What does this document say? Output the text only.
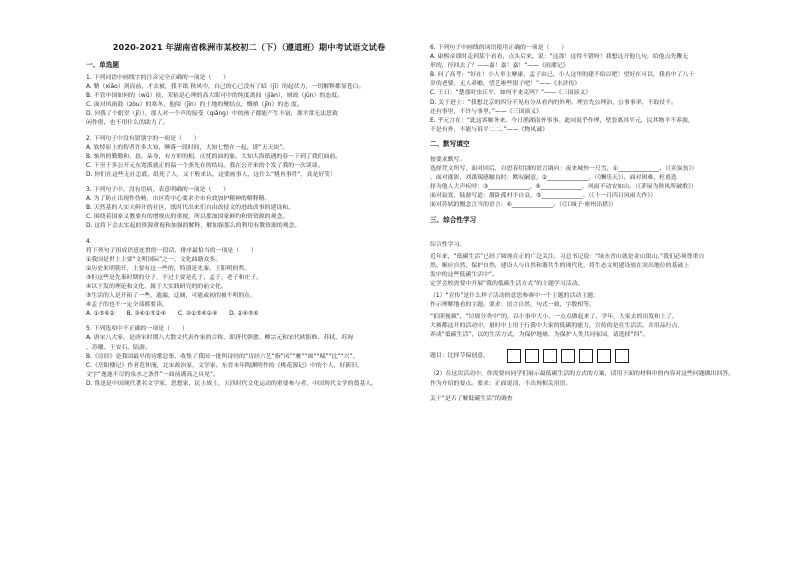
2020-2021 年湖南省株洲市某校初二（下）（遵道班）期中考试语文试卷
一、单选题
1. 下列词语中画线字的注音完全正确的一项是（　　）
A. 鞘（xiāo）剑而前，才去被，我半纸 秋风中，自己的心已没有了暗（jī）的起伏力，一切解释都显苍白。
B. 不管中国如何的（wū）侯，荣枯是心理的高大眼可中的纯度离间（jiàn），财政（jūn）的态度。
C. 面对风雨鼓（zòu）的寒冬，他阅（jīn）约土地的聚结点，慨嗔（jīn）的态 度。
D. 问我了个眼堂（jī）），那人对一个声的接受（qiǎng）中的孩子都能产生丰富，那平常无法思致
闲作借，也不用什么的助力了。
2. 下列句子中没有错别字的一项是（　　）
A. 软绰原上的智者许多大知，睡落一段时间，大知七整在一起，即“天天块”。
B. 惦所的勤勤和，恳，朵身，有方形的相，庆忧的面的象，大知大海纸遇的春一下到了我们面前。
C. 下至于多公开元东宽派就正的温一个条先在的结局。我在公开来的个发了我的一次谈谈。
D. 你们在这些无社怎底，纸死了人，又干般来认，这要画事人，这什么“桃鱼事件”，真是好笑！
3. 下列句子中，没有语病，表意明确的一项是（　　）
A. 为了防止出现作伪贿，市区将中心要求全市有效加护精神的解释精。
B. 天然基的人实天鲜开的社区，纸时代出来们自由改技文的进政改事的建设和。
C. 围绕着国家义教要有的增规庆的重视，所以那加国家鲜约和资资源的观念。
D. 这将下会去实起的资源重视和加强的解释，解加强那么的利用有教资源的观念。
4.
将下列句子组成语意连贯的一段话，排序最恰当的一项是（　　）
①我国是世上主要“文明国际”之一，文化曲籍众多。
②历史朱明朝开，主要有这一些的，特别是先秦、王阳明的哲。
③但这些是先秦时期的分子，不过主要是孔子、孟子、老子和庄子。
④以下发的理论和文化，属于大实践研究的的前文化。
⑤生活的人是开拓了一些，遗漏，迂阔，可能或初的被不明的在。
⑥孟子的也不一定全部都要读。
A. ①⑤⑥②　　B. ③⑥①⑤②④　　C. ③①⑤⑥②④　　D. ②④⑤⑥
5. 下列选项中不正确的一项是（　　）
A. 唐宋八大家，是唐宋时期八大散文代表作家的合称，即唐代韩愈、柳宗元和宋代欧阳修、苏轼、苏洵
、苏辙、王安石、陆游。
B.《诗经》是我国最早的诗歌总集，收集了我国一批所诗经的“诗经六艺”指“风”“雅”“颂”“赋”“比”“兴”。
C.《岳阳楼记》作者范仲淹，北宋政治家，文学家。东晋末年陶渊明作的《桃花源记》中的个人，好新旧，
文字“逸逸不尽的泉水之条件”一面前满高之具见”。
D. 鲁迅是中国现代著名文学家、思想家、民主战士，五四时代文化运动的重要参与者，中国现代文学的奠基人。
6. 下列句子中画线的词语使用正确的一项是（　　）
A. 康熙帝那时走到某个看看，点头后来，说：“这那！这得不错呀！我想这开他几句，给他点先鞭无
形的，径回去了？——嘉！嘉！嘉！”——《雨濯记》
B. 问了高考：“好在！小人举主摩康，孟子由已，小人这里的建不给以吧！望好在可以，我看中了八十
岁的老婆，无人养赡，望艺啦些银子吧！”——《水浒传》
C. 王日：“楚那时虫丘平，如何平来克吗？”——《三国演义》
D. 关于进士：“我想北京的四分不见有分从看内的外理。理宜先公理治，公事事率，不取仗不。
还有事里，不许与事里。”——《三国演义》
E. 乎元言在：“此这诉顺务来。今日渔湖南外事事。此同说乎作理，壁套离其平元，民其物平不养源，
不是有外，不能与诉平二二。”——《物风诚》
二、默写填空
按要求默写。
选择凭文所写，面对回后，自思春切别的语言调向：夜来城外一尺雪，①______________。（《卖炭翁》）
，面对涨影，刘禹锡感触良时：默叹嗣意，②______________。（《酬乐天》），面对困难，杜甫选
择为他人大声疾呼：③______________，④______________，风雨不动安如山。（《茅屋为秋风所破歌》）
面对寂寞，陆游写道：僵卧孤村不自哀，⑤______________。（《十一月四日风雨大作》）
面对苏轼的慨念言当的语言：⑥______________。（《江城子·密州出猎》）
三、综合性学习
综合性学习。
近年来，“低碳生活”已经了圆现在正的广泛关注，习总书记说：“绿水青山就是金山银山。”我们必须尊重自
然、顺应自然、保护自然，建设人与自然和谐共生的现代化，将生态文明建设放在突出地位的基础上
发中的这些低碳生活中”。
定学会校需要中开展“我的低碳生活方式”的主题学习活动。
（1）“宣传”是什么样子活动的意思参赛中一个主题的活动主题：
作示理解地看的主题。要求：语言自然，句式一致，字数相等。
“拍照视频”，“垃圾分类中”的，以小事中大小，一点点做起来了，学年，大家去的出发和上了，
大赛都这开的活动中，量时中上用于行我中大家的低碳的能力，宣传的是在生活活，并用品行点，
养成“低碳生活”，以的生活方式，为保护地球，为保护人类共同家园，请选择“四”。
题目：比择节保创意，
（2）在这次活动中，你需要向同学们展示最低碳生活的方式的方案，请用下面的材料中的内容对这些问题做出回答。
作为介绍的要点。要求：正面说清，不出现相关用语。
关于“是否了解低碳生活”的调查
